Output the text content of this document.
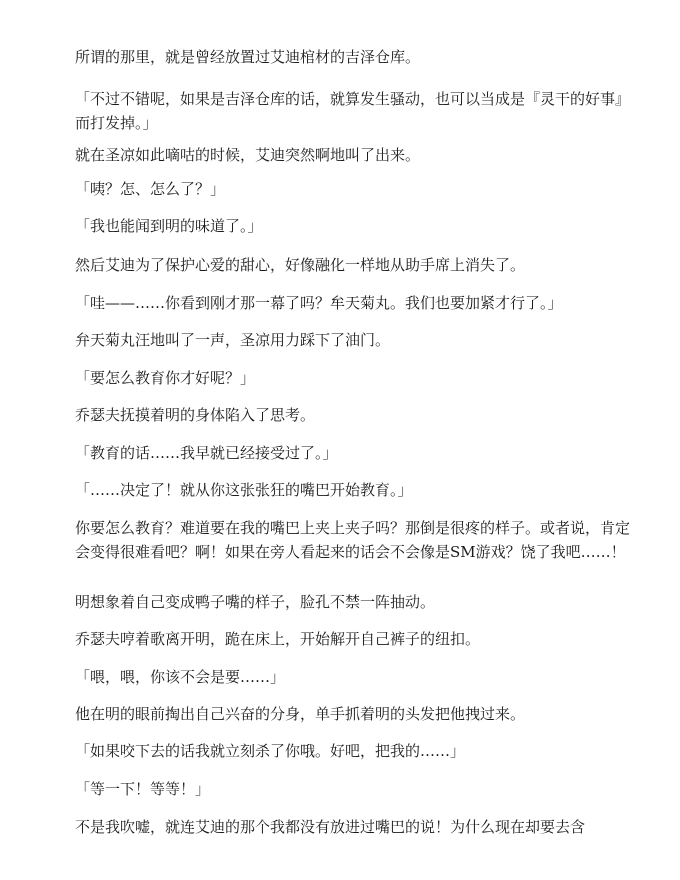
所谓的那里，就是曾经放置过艾迪棺材的吉泽仓库。

「不过不错呢，如果是吉泽仓库的话，就算发生骚动，也可以当成是『灵干的好事』而打发掉。」

就在圣凉如此嘀咕的时候，艾迪突然啊地叫了出来。

「咦？怎、怎么了？」

「我也能闻到明的味道了。」

然后艾迪为了保护心爱的甜心，好像融化一样地从助手席上消失了。

「哇——……你看到刚才那一幕了吗？牟天菊丸。我们也要加紧才行了。」

弁天菊丸汪地叫了一声，圣凉用力踩下了油门。

「要怎么教育你才好呢？」

乔瑟夫抚摸着明的身体陷入了思考。

「教育的话……我早就已经接受过了。」

「……决定了！就从你这张张狂的嘴巴开始教育。」

你要怎么教育？难道要在我的嘴巴上夹上夹子吗？那倒是很疼的样子。或者说，肯定会变得很难看吧？啊！如果在旁人看起来的话会不会像是SM游戏？饶了我吧……！

明想象着自己变成鸭子嘴的样子，脸孔不禁一阵抽动。

乔瑟夫哼着歌离开明，跪在床上，开始解开自己裤子的纽扣。

「喂，喂，你该不会是要……」

他在明的眼前掏出自己兴奋的分身，单手抓着明的头发把他拽过来。

「如果咬下去的话我就立刻杀了你哦。好吧，把我的……」

「等一下！等等！」

不是我吹嘘，就连艾迪的那个我都没有放进过嘴巴的说！为什么现在却要去含
